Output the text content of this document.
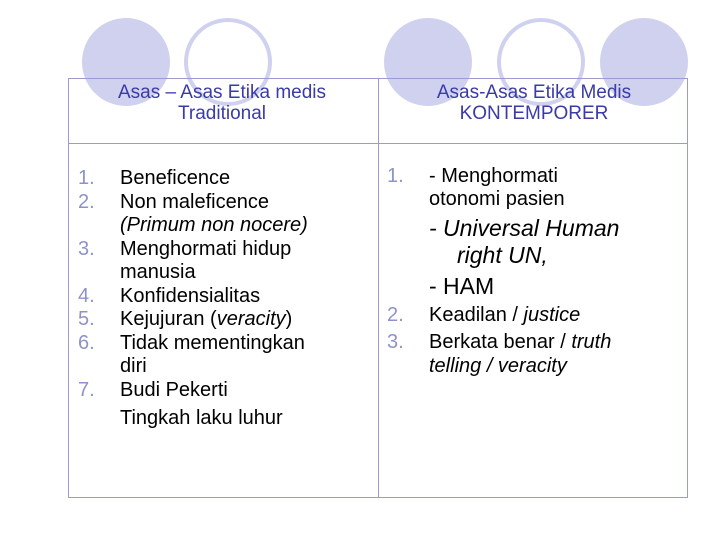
Asas – Asas Etika medis
Traditional
Asas-Asas Etika Medis
KONTEMPORER
1. Beneficence
2. Non maleficence
(Primum non nocere)
3. Menghormati hidup
manusia
4. Konfidensialitas
5. Kejujuran (veracity)
6. Tidak mementingkan
diri
7. Budi Pekerti
Tingkah laku luhur
1. - Menghormati
otonomi pasien
- Universal Human
right UN,
- HAM
2. Keadilan / justice
3. Berkata benar / truth
telling / veracity
